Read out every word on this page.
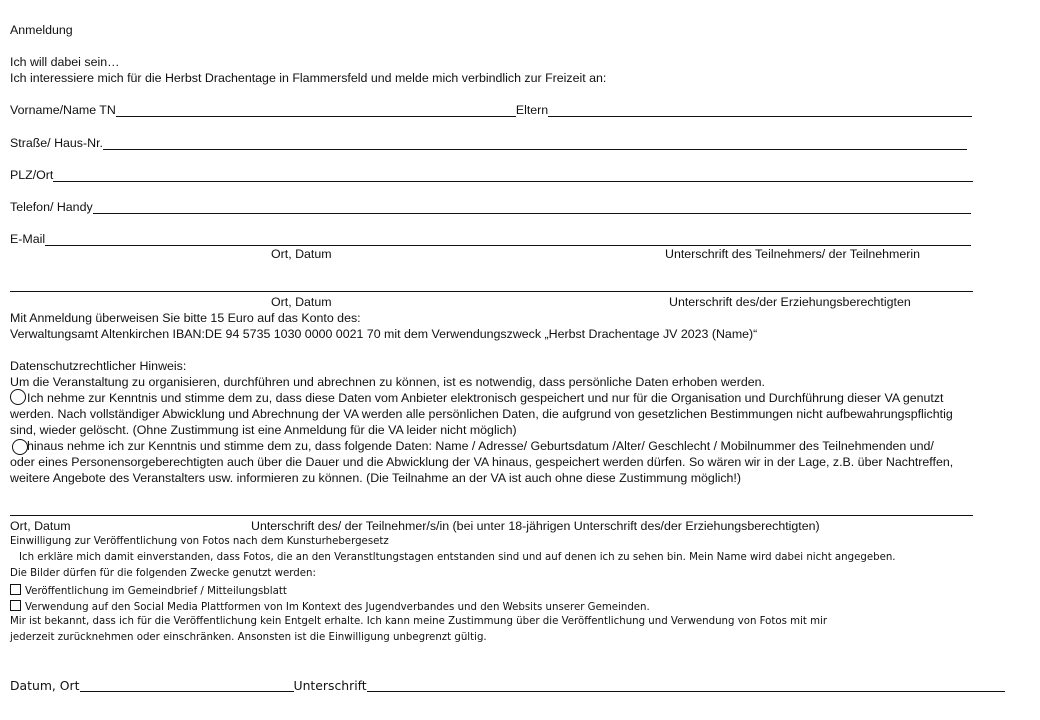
Anmeldung
Ich will dabei sein…
Ich interessiere mich für die Herbst Drachentage in Flammersfeld und melde mich verbindlich zur Freizeit an:
Vorname/Name TN	Eltern
Straße/ Haus-Nr.
PLZ/Ort
Telefon/ Handy
E-Mail
Ort, Datum	Unterschrift des Teilnehmers/ der Teilnehmerin
Ort, Datum	Unterschrift des/der Erziehungsberechtigten
Mit Anmeldung überweisen Sie bitte 15 Euro auf das Konto des:
Verwaltungsamt Altenkirchen IBAN:DE 94 5735 1030 0000 0021 70 mit dem Verwendungszweck „Herbst Drachentage JV 2023 (Name)“
Datenschutzrechtlicher Hinweis:
Um die Veranstaltung zu organisieren, durchführen und abrechnen zu können, ist es notwendig, dass persönliche Daten erhoben werden.
Ich nehme zur Kenntnis und stimme dem zu, dass diese Daten vom Anbieter elektronisch gespeichert und nur für die Organisation und Durchführung dieser VA genutzt
werden. Nach vollständiger Abwicklung und Abrechnung der VA werden alle persönlichen Daten, die aufgrund von gesetzlichen Bestimmungen nicht aufbewahrungspflichtig
sind, wieder gelöscht. (Ohne Zustimmung ist eine Anmeldung für die VA leider nicht möglich)
hinaus nehme ich zur Kenntnis und stimme dem zu, dass folgende Daten: Name / Adresse/ Geburtsdatum /Alter/ Geschlecht / Mobilnummer des Teilnehmenden und/
oder eines Personensorgeberechtigten auch über die Dauer und die Abwicklung der VA hinaus, gespeichert werden dürfen. So wären wir in der Lage, z.B. über Nachtreffen,
weitere Angebote des Veranstalters usw. informieren zu können. (Die Teilnahme an der VA ist auch ohne diese Zustimmung möglich!)
Ort, Datum	Unterschrift des/ der Teilnehmer/s/in (bei unter 18-jährigen Unterschrift des/der Erziehungsberechtigten)
Einwilligung zur Veröffentlichung von Fotos nach dem Kunsturhebergesetz
Ich erkläre mich damit einverstanden, dass Fotos, die an den Veranstltungstagen entstanden sind und auf denen ich zu sehen bin. Mein Name wird dabei nicht angegeben.
Die Bilder dürfen für die folgenden Zwecke genutzt werden:
Veröffentlichung im Gemeindbrief / Mitteilungsblatt
Verwendung auf den Social Media Plattformen von Im Kontext des Jugendverbandes und den Websits unserer Gemeinden.
Mir ist bekannt, dass ich für die Veröffentlichung kein Entgelt erhalte. Ich kann meine Zustimmung über die Veröffentlichung und Verwendung von Fotos mit mir
jederzeit zurücknehmen oder einschränken. Ansonsten ist die Einwilligung unbegrenzt gültig.
Datum, Ort	Unterschrift
